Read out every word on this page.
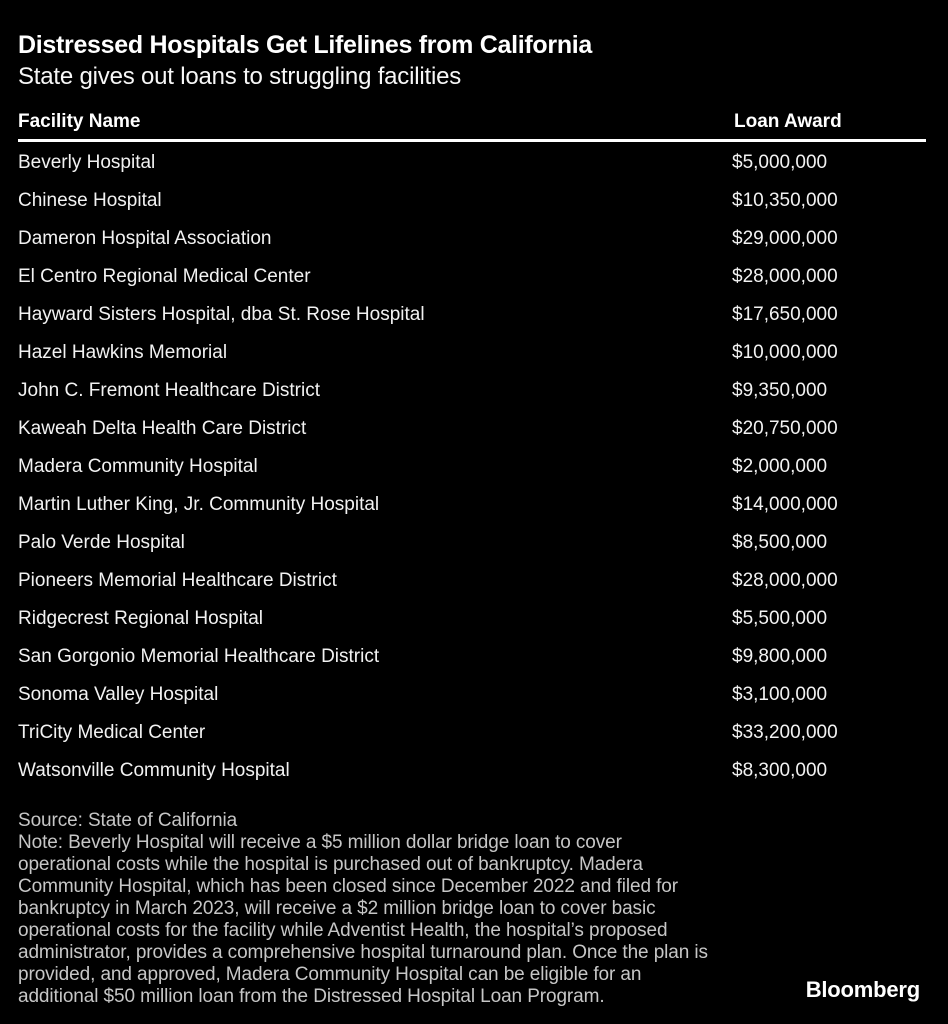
Distressed Hospitals Get Lifelines from California
State gives out loans to struggling facilities
Facility Name	Loan Award
Beverly Hospital	$5,000,000
Chinese Hospital	$10,350,000
Dameron Hospital Association	$29,000,000
El Centro Regional Medical Center	$28,000,000
Hayward Sisters Hospital, dba St. Rose Hospital	$17,650,000
Hazel Hawkins Memorial	$10,000,000
John C. Fremont Healthcare District	$9,350,000
Kaweah Delta Health Care District	$20,750,000
Madera Community Hospital	$2,000,000
Martin Luther King, Jr. Community Hospital	$14,000,000
Palo Verde Hospital	$8,500,000
Pioneers Memorial Healthcare District	$28,000,000
Ridgecrest Regional Hospital	$5,500,000
San Gorgonio Memorial Healthcare District	$9,800,000
Sonoma Valley Hospital	$3,100,000
TriCity Medical Center	$33,200,000
Watsonville Community Hospital	$8,300,000
Source: State of California
Note: Beverly Hospital will receive a $5 million dollar bridge loan to cover
operational costs while the hospital is purchased out of bankruptcy. Madera
Community Hospital, which has been closed since December 2022 and filed for
bankruptcy in March 2023, will receive a $2 million bridge loan to cover basic
operational costs for the facility while Adventist Health, the hospital’s proposed
administrator, provides a comprehensive hospital turnaround plan. Once the plan is
provided, and approved, Madera Community Hospital can be eligible for an
additional $50 million loan from the Distressed Hospital Loan Program.	Bloomberg
